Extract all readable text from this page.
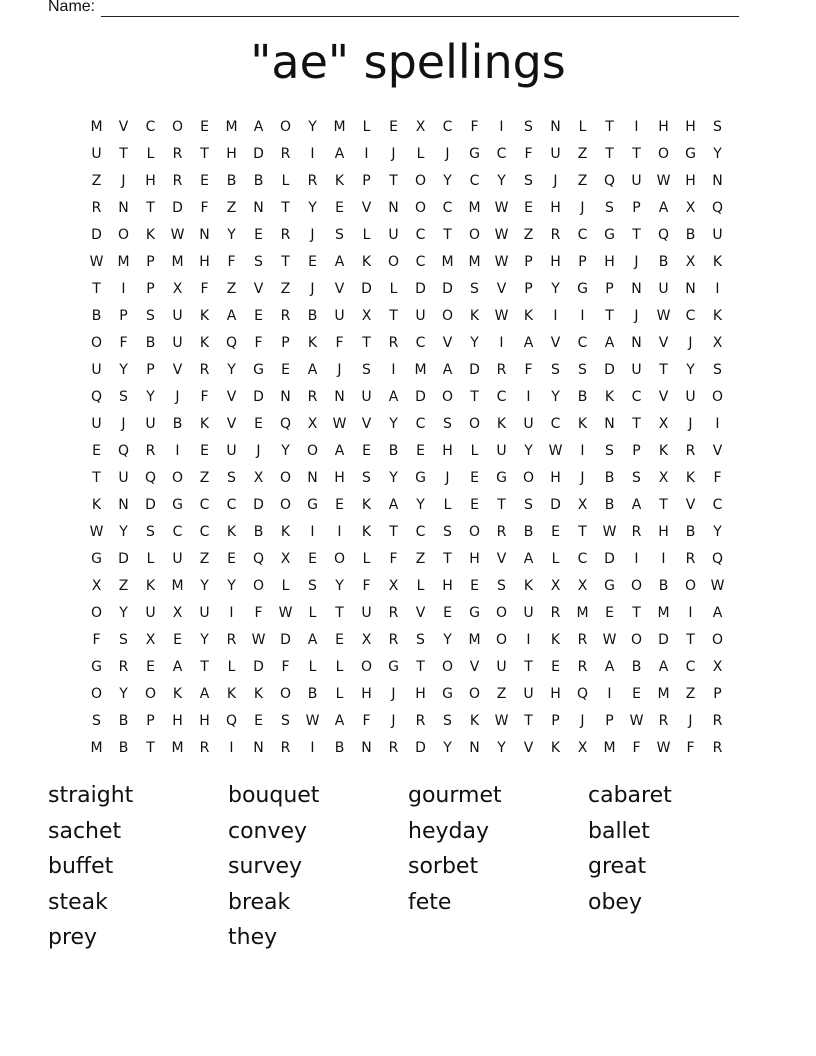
Name:
"ae" spellings
M	V	C	O	E	M	A	O	Y	M	L	E	X	C	F	I	S	N	L	T	I	H	H	S
U	T	L	R	T	H	D	R	I	A	I	J	L	J	G	C	F	U	Z	T	T	O	G	Y
Z	J	H	R	E	B	B	L	R	K	P	T	O	Y	C	Y	S	J	Z	Q	U	W	H	N
R	N	T	D	F	Z	N	T	Y	E	V	N	O	C	M	W	E	H	J	S	P	A	X	Q
D	O	K	W	N	Y	E	R	J	S	L	U	C	T	O	W	Z	R	C	G	T	Q	B	U
W	M	P	M	H	F	S	T	E	A	K	O	C	M	M	W	P	H	P	H	J	B	X	K
T	I	P	X	F	Z	V	Z	J	V	D	L	D	D	S	V	P	Y	G	P	N	U	N	I
B	P	S	U	K	A	E	R	B	U	X	T	U	O	K	W	K	I	I	T	J	W	C	K
O	F	B	U	K	Q	F	P	K	F	T	R	C	V	Y	I	A	V	C	A	N	V	J	X
U	Y	P	V	R	Y	G	E	A	J	S	I	M	A	D	R	F	S	S	D	U	T	Y	S
Q	S	Y	J	F	V	D	N	R	N	U	A	D	O	T	C	I	Y	B	K	C	V	U	O
U	J	U	B	K	V	E	Q	X	W	V	Y	C	S	O	K	U	C	K	N	T	X	J	I
E	Q	R	I	E	U	J	Y	O	A	E	B	E	H	L	U	Y	W	I	S	P	K	R	V
T	U	Q	O	Z	S	X	O	N	H	S	Y	G	J	E	G	O	H	J	B	S	X	K	F
K	N	D	G	C	C	D	O	G	E	K	A	Y	L	E	T	S	D	X	B	A	T	V	C
W	Y	S	C	C	K	B	K	I	I	K	T	C	S	O	R	B	E	T	W	R	H	B	Y
G	D	L	U	Z	E	Q	X	E	O	L	F	Z	T	H	V	A	L	C	D	I	I	R	Q
X	Z	K	M	Y	Y	O	L	S	Y	F	X	L	H	E	S	K	X	X	G	O	B	O	W
O	Y	U	X	U	I	F	W	L	T	U	R	V	E	G	O	U	R	M	E	T	M	I	A
F	S	X	E	Y	R	W	D	A	E	X	R	S	Y	M	O	I	K	R	W	O	D	T	O
G	R	E	A	T	L	D	F	L	L	O	G	T	O	V	U	T	E	R	A	B	A	C	X
O	Y	O	K	A	K	K	O	B	L	H	J	H	G	O	Z	U	H	Q	I	E	M	Z	P
S	B	P	H	H	Q	E	S	W	A	F	J	R	S	K	W	T	P	J	P	W	R	J	R
M	B	T	M	R	I	N	R	I	B	N	R	D	Y	N	Y	V	K	X	M	F	W	F	R
straight	bouquet	gourmet	cabaret
sachet	convey	heyday	ballet
buffet	survey	sorbet	great
steak	break	fete	obey
prey	they
